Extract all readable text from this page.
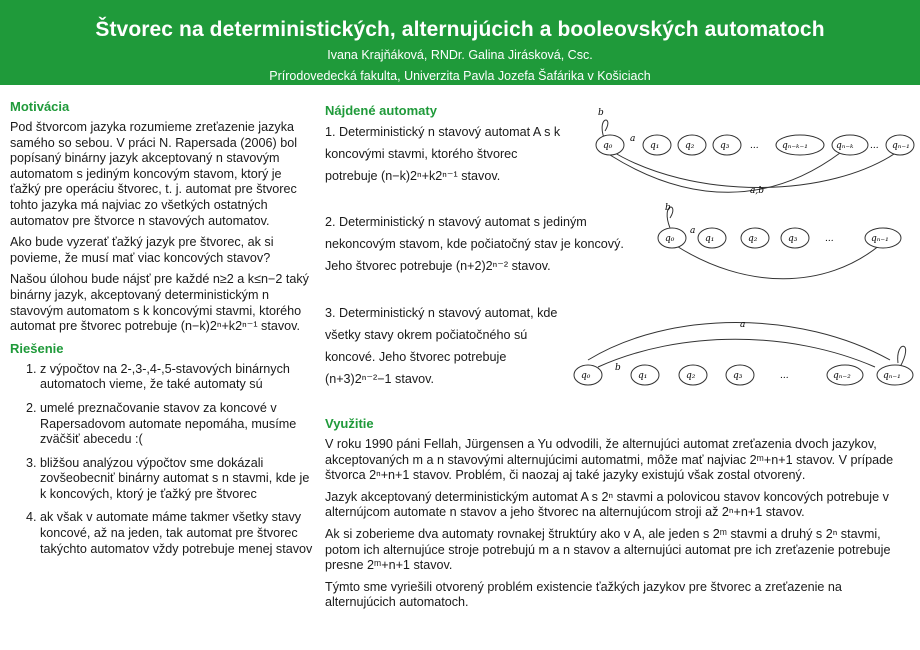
Štvorec na deterministických, alternujúcich a booleovských automatoch
Ivana Krajňáková, RNDr. Galina Jirásková, Csc.
Prírodovedecká fakulta, Univerzita Pavla Jozefa Šafárika v Košiciach
Motivácia

Pod štvorcom jazyka rozumieme zreťazenie jazyka samého so sebou. V práci N. Rapersada (2006) bol popísaný binárny jazyk akceptovaný n stavovým automatom s jediným koncovým stavom, ktorý je ťažký pre operáciu štvorec, t. j. automat pre štvorec tohto jazyka má najviac zo všetkých ostatných automatov pre štvorce n stavových automatov.

Ako bude vyzerať ťažký jazyk pre štvorec, ak si povieme, že musí mať viac koncových stavov?

Našou úlohou bude nájsť pre každé n≥2 a k≤n−2 taký binárny jazyk, akceptovaný deterministickým n stavovým automatom s k koncovými stavmi, ktorého automat pre štvorec potrebuje (n−k)2ⁿ+k2ⁿ⁻¹ stavov.

Riešenie
1. z výpočtov na 2-,3-,4-,5-stavových binárnych automatoch vieme, že také automaty sú
2. umelé preznačovanie stavov za koncové v Rapersadovom automate nepomáha, musíme zväčšiť abecedu :(
3. bližšou analýzou výpočtov sme dokázali zovšeobecniť binárny automat s n stavmi, kde je k koncových, ktorý je ťažký pre štvorec
4. ak však v automate máme takmer všetky stavy koncové, až na jeden, tak automat pre štvorec takýchto automatov vždy potrebuje menej stavov
Nájdené automaty
1. Deterministický n stavový automat A s k koncovými stavmi, ktorého štvorec potrebuje (n−k)2ⁿ+k2ⁿ⁻¹ stavov.
2. Deterministický n stavový automat s jediným nekoncovým stavom, kde počiatočný stav je koncový. Jeho štvorec potrebuje (n+2)2ⁿ⁻² stavov.
3. Deterministický n stavový automat, kde všetky stavy okrem počiatočného sú koncové. Jeho štvorec potrebuje (n+3)2ⁿ⁻²−1 stavov.
q₀	q₁	q₂	q₃ ...	qₙ₋ₖ₋₁	qₙ₋ₖ ... qₙ₋₁
b
a
a,b
q₀	q₁	q₂	q₃	...	qₙ₋₁
b
a
q₀	q₁	q₂	q₃	...	qₙ₋₂	qₙ₋₁
a
b
Využitie

V roku 1990 páni Fellah, Jürgensen a Yu odvodili, že alternujúci automat zreťazenia dvoch jazykov, akceptovaných m a n stavovými alternujúcimi automatmi, môže mať najviac 2ᵐ+n+1 stavov. V prípade štvorca 2ⁿ+n+1 stavov. Problém, či naozaj aj také jazyky existujú však zostal otvorený.

Jazyk akceptovaný deterministickým automat A s 2ⁿ stavmi a polovicou stavov koncových potrebuje v alternújcom automate n stavov a jeho štvorec na alternujúcom stroji až 2ⁿ+n+1 stavov.

Ak si zoberieme dva automaty rovnakej štruktúry ako v A, ale jeden s 2ᵐ stavmi a druhý s 2ⁿ stavmi, potom ich alternujúce stroje potrebujú m a n stavov a alternujúci automat pre ich zreťazenie potrebuje presne 2ᵐ+n+1 stavov.

Týmto sme vyriešili otvorený problém existencie ťažkých jazykov pre štvorec a zreťazenie na alternujúcich automatoch.
